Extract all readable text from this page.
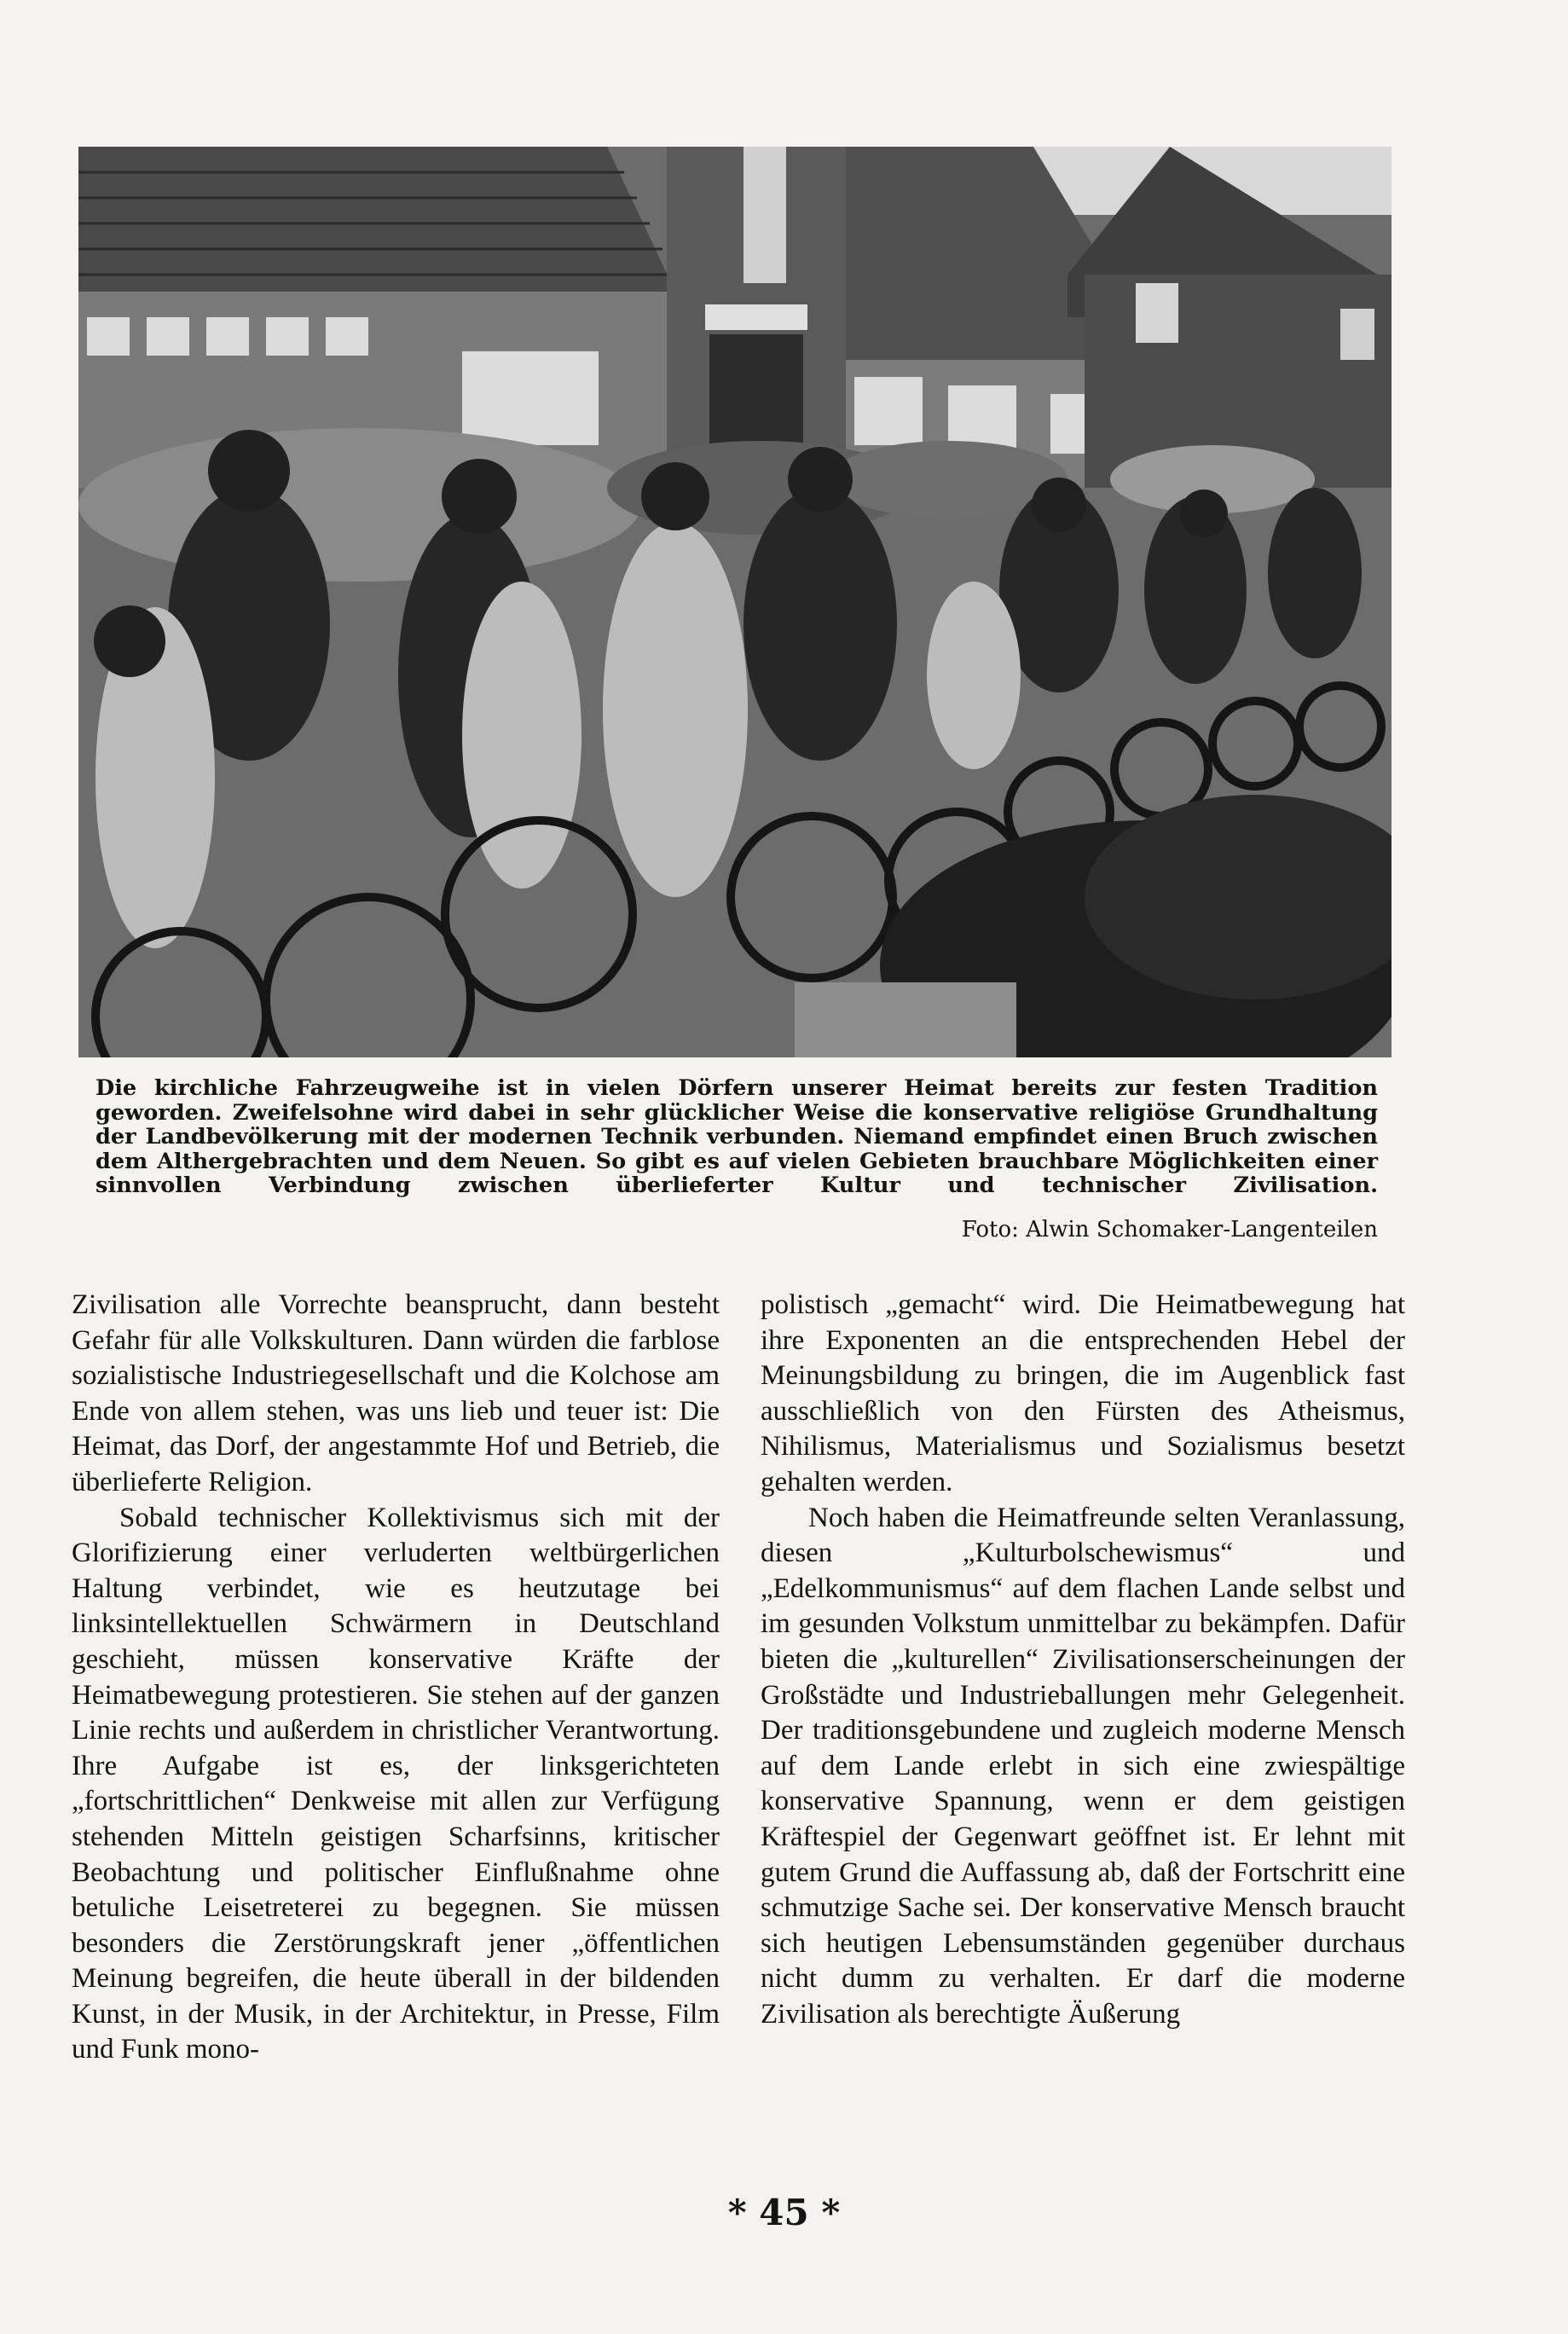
Die kirchliche Fahrzeugweihe ist in vielen Dörfern unserer Heimat bereits zur festen Tradition geworden. Zweifelsohne wird dabei in sehr glücklicher Weise die konservative religiöse Grundhaltung der Landbevölkerung mit der modernen Technik verbunden. Niemand empfindet einen Bruch zwischen dem Althergebrachten und dem Neuen. So gibt es auf vielen Gebieten brauchbare Möglichkeiten einer sinnvollen Verbindung zwischen überlieferter Kultur und technischer Zivilisation.
Foto: Alwin Schomaker-Langenteilen

Zivilisation alle Vorrechte beansprucht, dann besteht Gefahr für alle Volkskulturen. Dann würden die farblose sozialistische Industriegesellschaft und die Kolchose am Ende von allem stehen, was uns lieb und teuer ist: Die Heimat, das Dorf, der angestammte Hof und Betrieb, die überlieferte Religion.

Sobald technischer Kollektivismus sich mit der Glorifizierung einer verluderten weltbürgerlichen Haltung verbindet, wie es heutzutage bei linksintellektuellen Schwärmern in Deutschland geschieht, müssen konservative Kräfte der Heimatbewegung protestieren. Sie stehen auf der ganzen Linie rechts und außerdem in christlicher Verantwortung. Ihre Aufgabe ist es, der linksgerichteten „fortschrittlichen“ Denkweise mit allen zur Verfügung stehenden Mitteln geistigen Scharfsinns, kritischer Beobachtung und politischer Einflußnahme ohne betuliche Leisetreterei zu begegnen. Sie müssen besonders die Zerstörungskraft jener „öffentlichen Meinung begreifen, die heute überall in der bildenden Kunst, in der Musik, in der Architektur, in Presse, Film und Funk mono-

polistisch „gemacht“ wird. Die Heimatbewegung hat ihre Exponenten an die entsprechenden Hebel der Meinungsbildung zu bringen, die im Augenblick fast ausschließlich von den Fürsten des Atheismus, Nihilismus, Materialismus und Sozialismus besetzt gehalten werden.

Noch haben die Heimatfreunde selten Veranlassung, diesen „Kulturbolschewismus“ und „Edelkommunismus“ auf dem flachen Lande selbst und im gesunden Volkstum unmittelbar zu bekämpfen. Dafür bieten die „kulturellen“ Zivilisationserscheinungen der Großstädte und Industrieballungen mehr Gelegenheit. Der traditionsgebundene und zugleich moderne Mensch auf dem Lande erlebt in sich eine zwiespältige konservative Spannung, wenn er dem geistigen Kräftespiel der Gegenwart geöffnet ist. Er lehnt mit gutem Grund die Auffassung ab, daß der Fortschritt eine schmutzige Sache sei. Der konservative Mensch braucht sich heutigen Lebensumständen gegenüber durchaus nicht dumm zu verhalten. Er darf die moderne Zivilisation als berechtigte Äußerung

* 45 *
